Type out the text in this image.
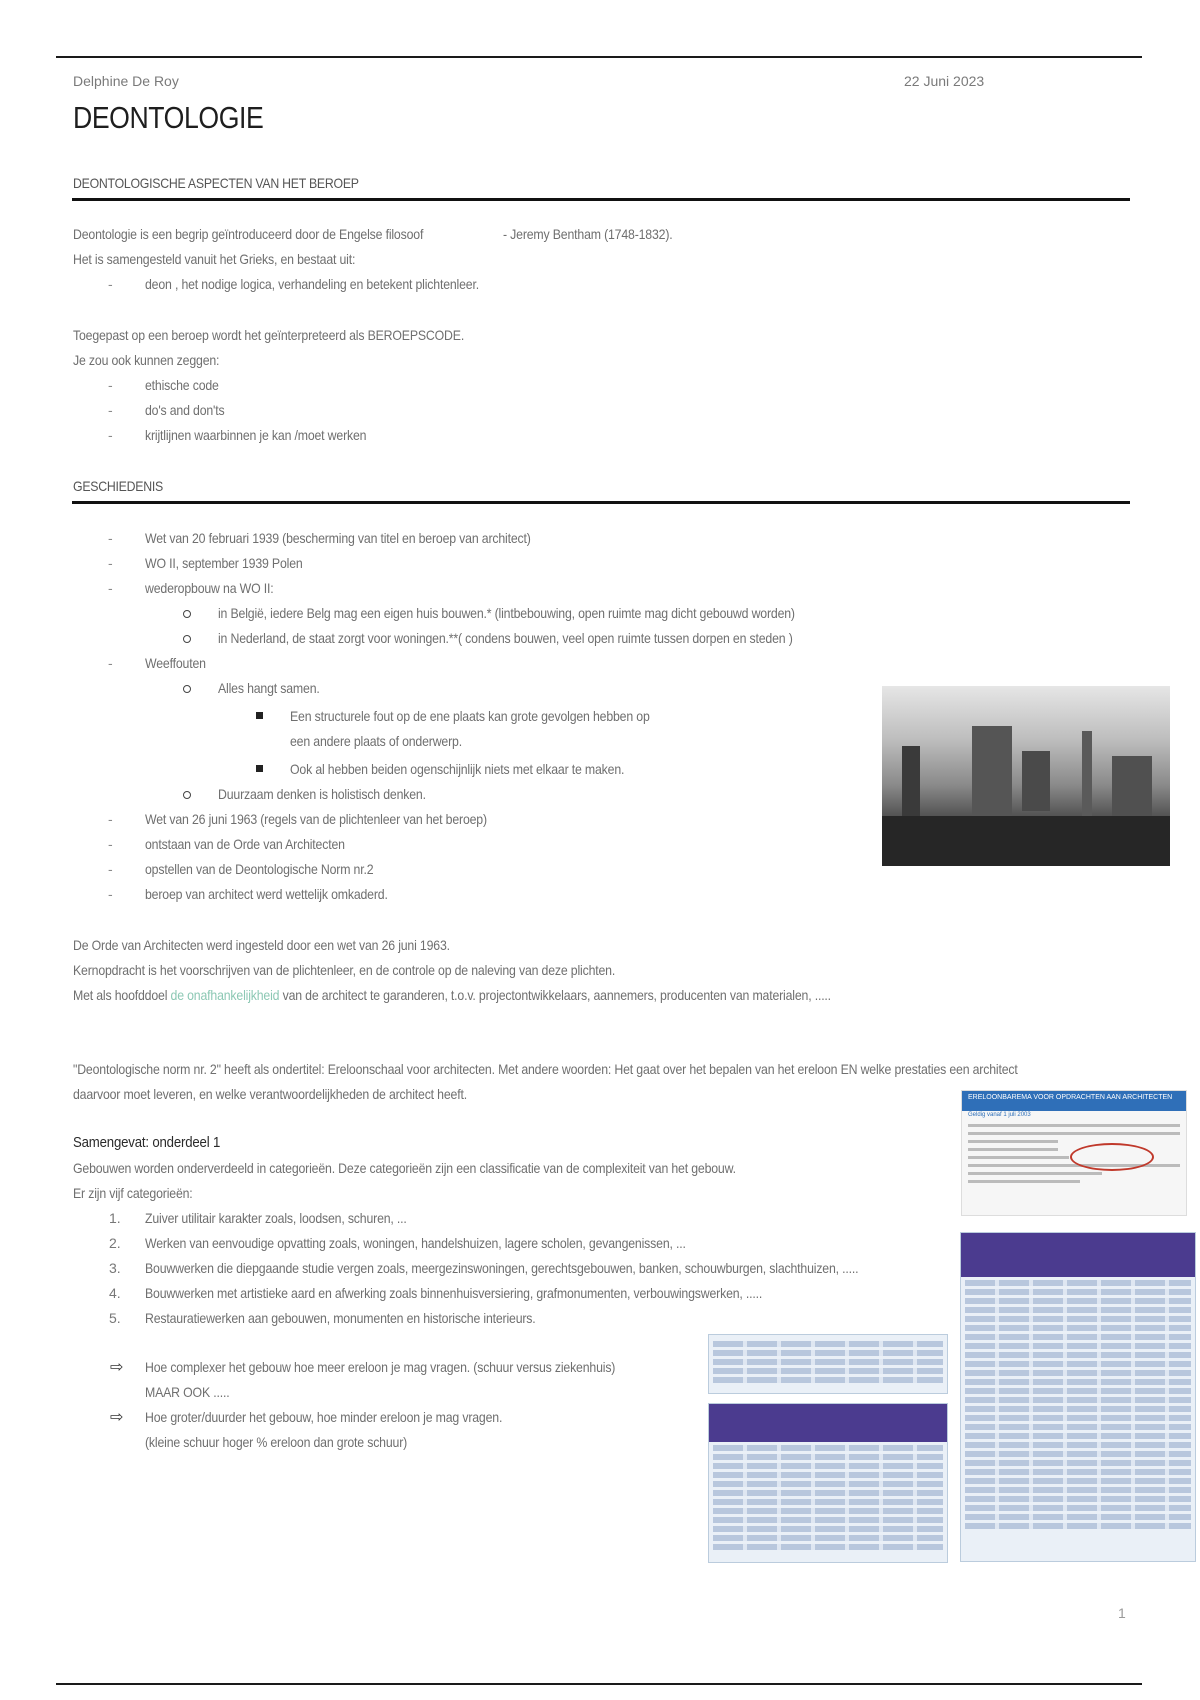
Delphine De Roy	22 Juni 2023
DEONTOLOGIE
DEONTOLOGISCHE ASPECTEN VAN HET BEROEP
Deontologie is een begrip geïntroduceerd door de Engelse filosoof	- Jeremy Bentham (1748-1832).
Het is samengesteld vanuit het Grieks, en bestaat uit:
- deon , het nodige logica, verhandeling en betekent plichtenleer.
Toegepast op een beroep wordt het geïnterpreteerd als BEROEPSCODE.
Je zou ook kunnen zeggen:
- ethische code
- do's and don'ts
- krijtlijnen waarbinnen je kan /moet werken
GESCHIEDENIS
- Wet van 20 februari 1939 (bescherming van titel en beroep van architect)
- WO II, september 1939 Polen
- wederopbouw na WO II:
in België, iedere Belg mag een eigen huis bouwen.* (lintbebouwing, open ruimte mag dicht gebouwd worden)
in Nederland, de staat zorgt voor woningen.**( condens bouwen, veel open ruimte tussen dorpen en steden )
- Weeffouten
Alles hangt samen.
Een structurele fout op de ene plaats kan grote gevolgen hebben op
een andere plaats of onderwerp.
Ook al hebben beiden ogenschijnlijk niets met elkaar te maken.
Duurzaam denken is holistisch denken.
- Wet van 26 juni 1963 (regels van de plichtenleer van het beroep)
- ontstaan van de Orde van Architecten
- opstellen van de Deontologische Norm nr.2
- beroep van architect werd wettelijk omkaderd.
De Orde van Architecten werd ingesteld door een wet van 26 juni 1963.
Kernopdracht is het voorschrijven van de plichtenleer, en de controle op de naleving van deze plichten.
Met als hoofddoel de onafhankelijkheid van de architect te garanderen, t.o.v. projectontwikkelaars, aannemers, producenten van materialen, .....
"Deontologische norm nr. 2" heeft als ondertitel: Ereloonschaal voor architecten. Met andere woorden: Het gaat over het bepalen van het ereloon EN welke prestaties een architect
daarvoor moet leveren, en welke verantwoordelijkheden de architect heeft.
Samengevat: onderdeel 1
Gebouwen worden onderverdeeld in categorieën. Deze categorieën zijn een classificatie van de complexiteit van het gebouw.
Er zijn vijf categorieën:
1. Zuiver utilitair karakter zoals, loodsen, schuren, ...
2. Werken van eenvoudige opvatting zoals, woningen, handelshuizen, lagere scholen, gevangenissen, ...
3. Bouwwerken die diepgaande studie vergen zoals, meergezinswoningen, gerechtsgebouwen, banken, schouwburgen, slachthuizen, .....
4. Bouwwerken met artistieke aard en afwerking zoals binnenhuisversiering, grafmonumenten, verbouwingswerken, .....
5. Restauratiewerken aan gebouwen, monumenten en historische interieurs.
⇨ Hoe complexer het gebouw hoe meer ereloon je mag vragen. (schuur versus ziekenhuis)
MAAR OOK .....
⇨ Hoe groter/duurder het gebouw, hoe minder ereloon je mag vragen.
(kleine schuur hoger % ereloon dan grote schuur)
ERELOONBAREMA VOOR OPDRACHTEN AAN ARCHITECTEN
Geldig vanaf 1 juli 2003
1
